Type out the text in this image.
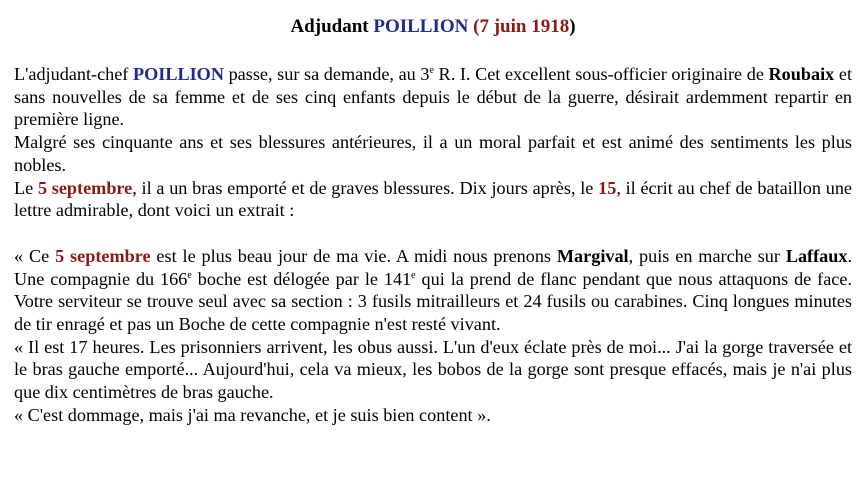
Adjudant POILLION (7 juin 1918)

L'adjudant-chef POILLION passe, sur sa demande, au 3e R. I. Cet excellent sous-officier originaire de Roubaix et sans nouvelles de sa femme et de ses cinq enfants depuis le début de la guerre, désirait ardemment repartir en première ligne.

Malgré ses cinquante ans et ses blessures antérieures, il a un moral parfait et est animé des sentiments les plus nobles.

Le 5 septembre, il a un bras emporté et de graves blessures. Dix jours après, le 15, il écrit au chef de bataillon une lettre admirable, dont voici un extrait :

« Ce 5 septembre est le plus beau jour de ma vie. A midi nous prenons Margival, puis en marche sur Laffaux. Une compagnie du 166e boche est délogée par le 141e qui la prend de flanc pendant que nous attaquons de face. Votre serviteur se trouve seul avec sa section : 3 fusils mitrailleurs et 24 fusils ou carabines. Cinq longues minutes de tir enragé et pas un Boche de cette compagnie n'est resté vivant.

« Il est 17 heures. Les prisonniers arrivent, les obus aussi. L'un d'eux éclate près de moi... J'ai la gorge traversée et le bras gauche emporté... Aujourd'hui, cela va mieux, les bobos de la gorge sont presque effacés, mais je n'ai plus que dix centimètres de bras gauche.

« C'est dommage, mais j'ai ma revanche, et je suis bien content ».
